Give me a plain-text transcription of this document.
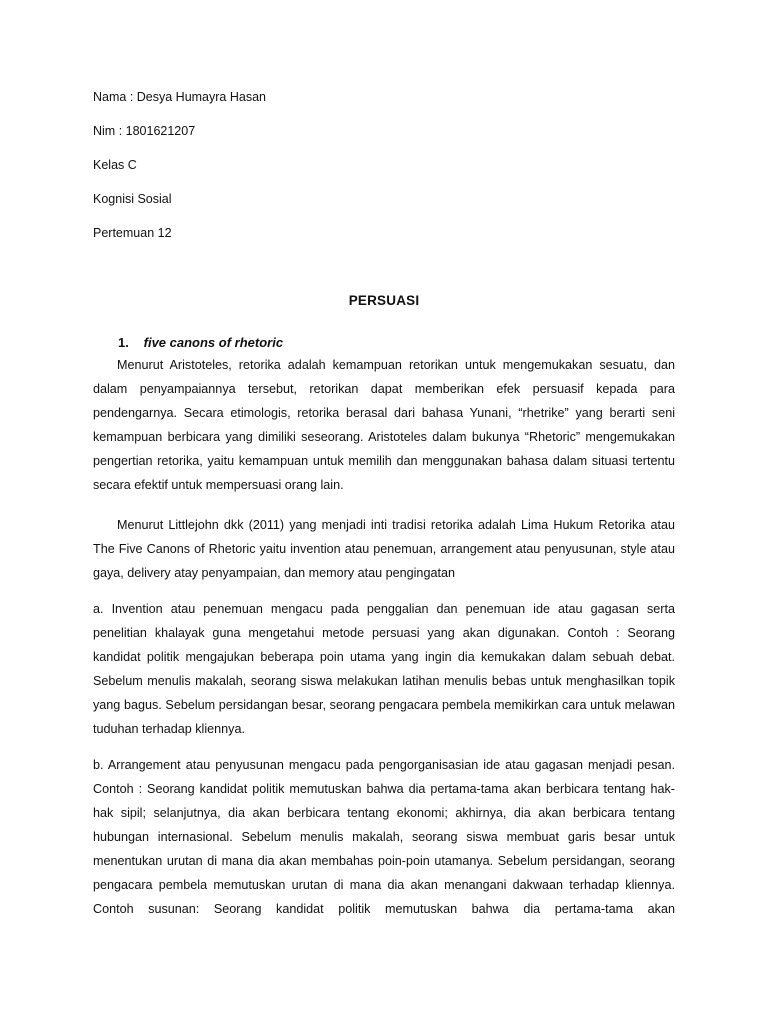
Nama : Desya Humayra Hasan
Nim : 1801621207
Kelas C
Kognisi Sosial
Pertemuan 12
PERSUASI
1. five canons of rhetoric

Menurut Aristoteles, retorika adalah kemampuan retorikan untuk mengemukakan sesuatu, dan dalam penyampaiannya tersebut, retorikan dapat memberikan efek persuasif kepada para pendengarnya. Secara etimologis, retorika berasal dari bahasa Yunani, “rhetrike” yang berarti seni kemampuan berbicara yang dimiliki seseorang. Aristoteles dalam bukunya “Rhetoric” mengemukakan pengertian retorika, yaitu kemampuan untuk memilih dan menggunakan bahasa dalam situasi tertentu secara efektif untuk mempersuasi orang lain.

Menurut Littlejohn dkk (2011) yang menjadi inti tradisi retorika adalah Lima Hukum Retorika atau The Five Canons of Rhetoric yaitu invention atau penemuan, arrangement atau penyusunan, style atau gaya, delivery atay penyampaian, dan memory atau pengingatan

a. Invention atau penemuan mengacu pada penggalian dan penemuan ide atau gagasan serta penelitian khalayak guna mengetahui metode persuasi yang akan digunakan. Contoh : Seorang kandidat politik mengajukan beberapa poin utama yang ingin dia kemukakan dalam sebuah debat. Sebelum menulis makalah, seorang siswa melakukan latihan menulis bebas untuk menghasilkan topik yang bagus. Sebelum persidangan besar, seorang pengacara pembela memikirkan cara untuk melawan tuduhan terhadap kliennya.

b. Arrangement atau penyusunan mengacu pada pengorganisasian ide atau gagasan menjadi pesan. Contoh : Seorang kandidat politik memutuskan bahwa dia pertama-tama akan berbicara tentang hak-hak sipil; selanjutnya, dia akan berbicara tentang ekonomi; akhirnya, dia akan berbicara tentang hubungan internasional. Sebelum menulis makalah, seorang siswa membuat garis besar untuk menentukan urutan di mana dia akan membahas poin-poin utamanya. Sebelum persidangan, seorang pengacara pembela memutuskan urutan di mana dia akan menangani dakwaan terhadap kliennya. Contoh susunan: Seorang kandidat politik memutuskan bahwa dia pertama-tama akan
